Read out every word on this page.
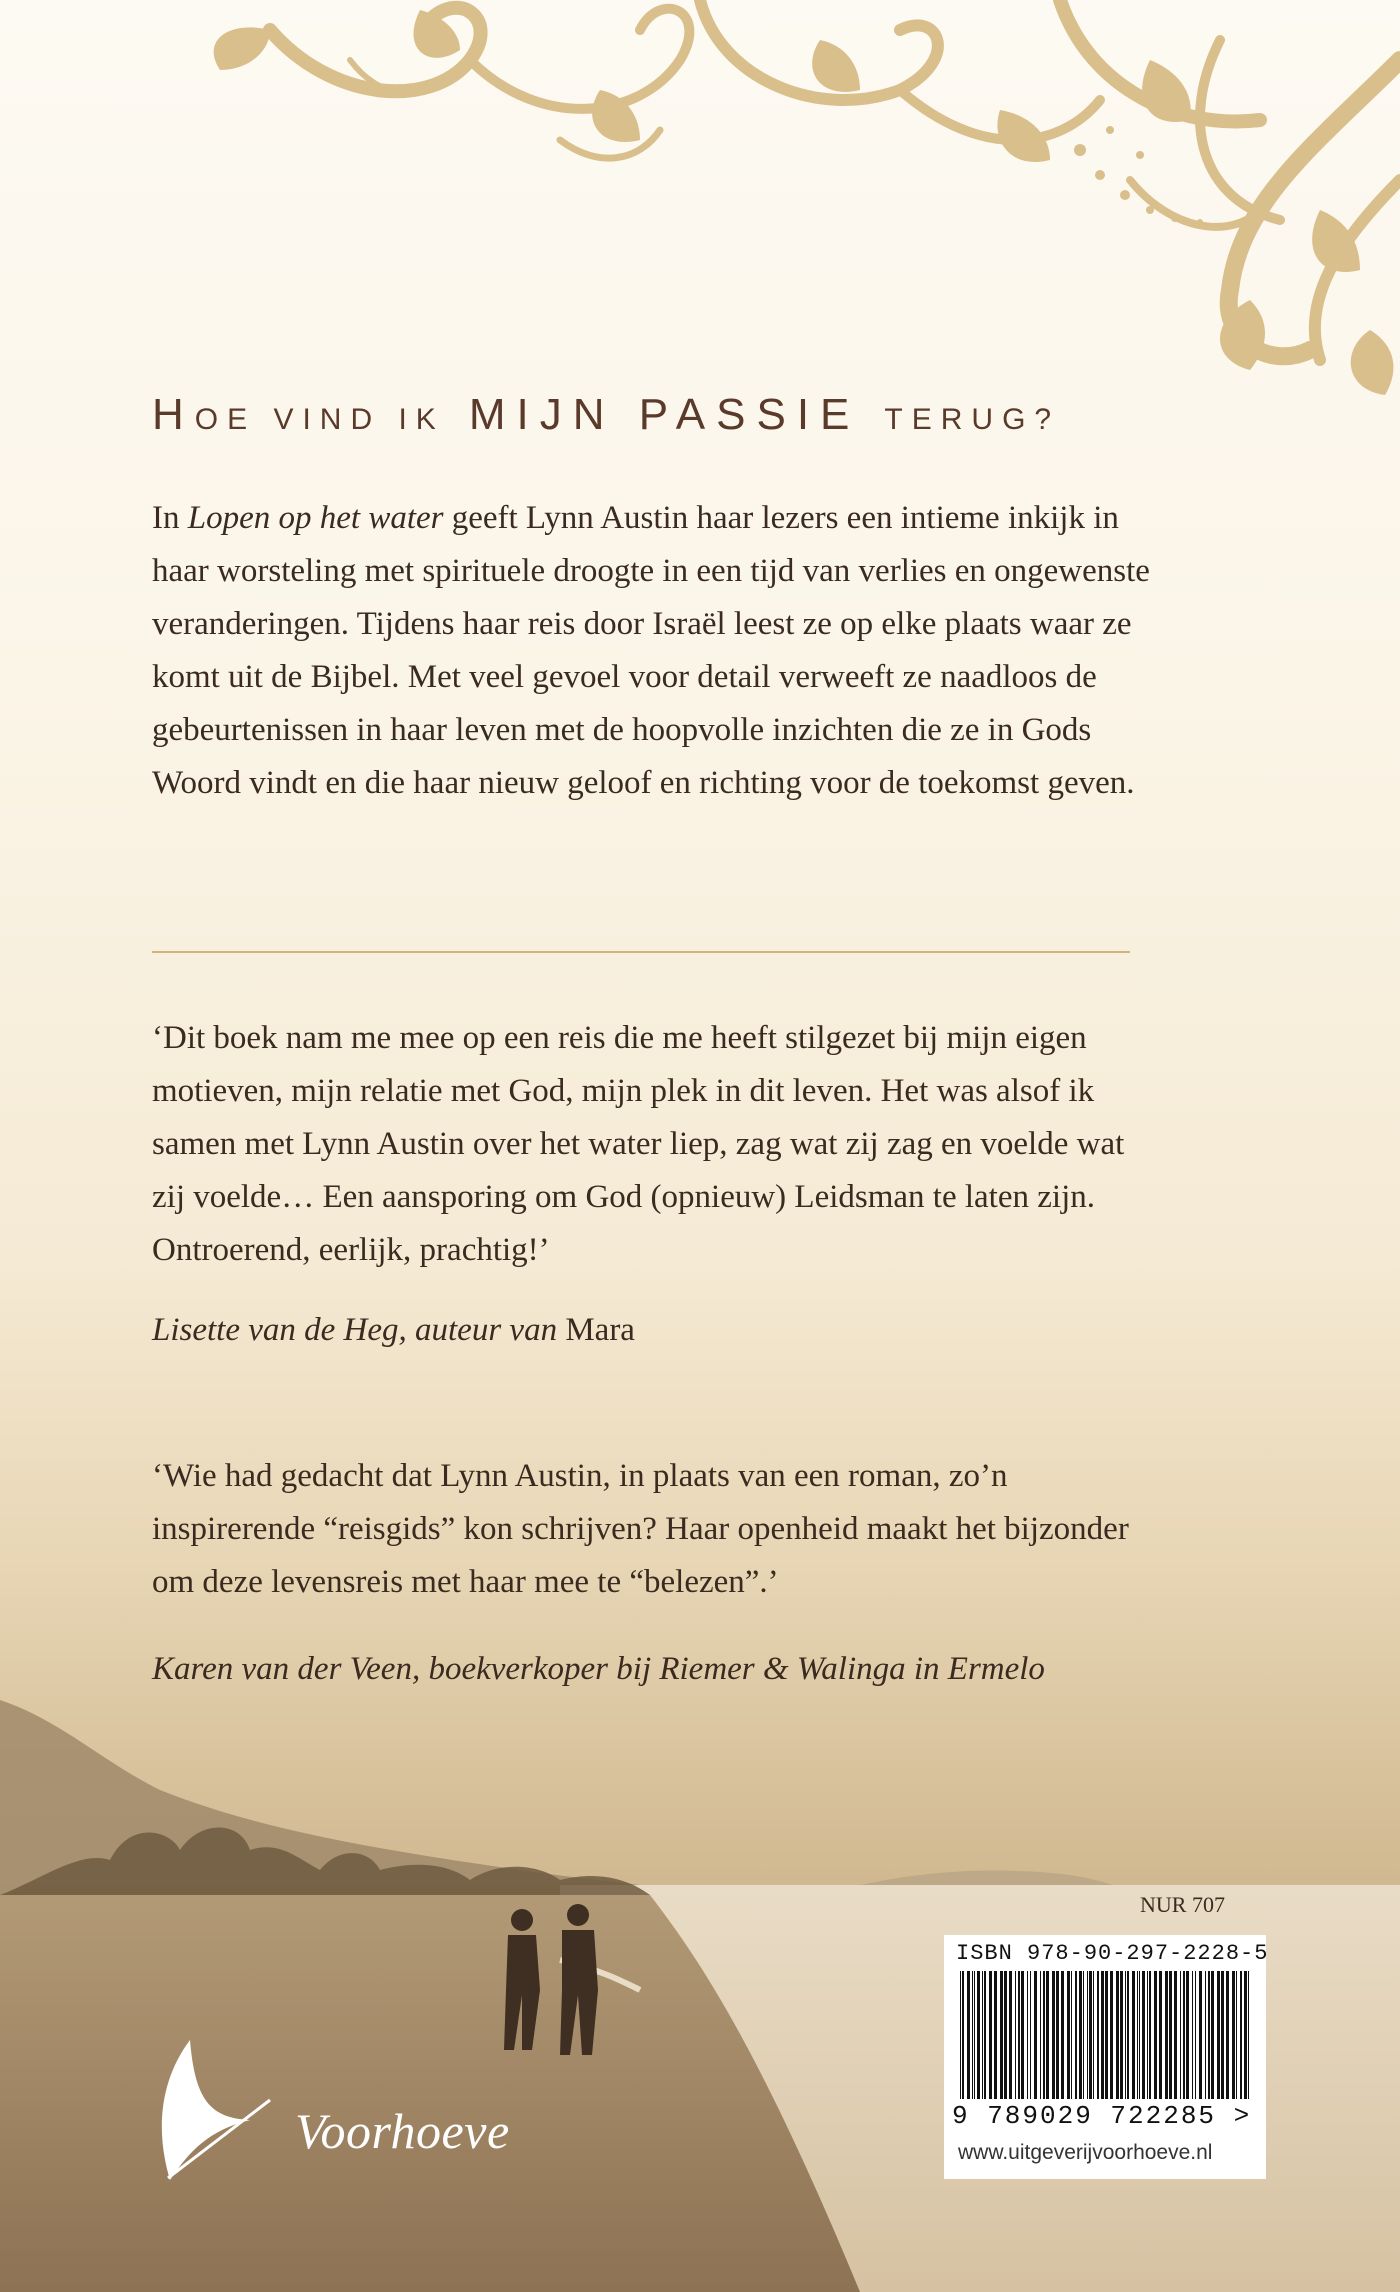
HOE VIND IK MIJN PASSIE TERUG?
In Lopen op het water geeft Lynn Austin haar lezers een intieme inkijk in haar worsteling met spirituele droogte in een tijd van verlies en ongewenste veranderingen. Tijdens haar reis door Israël leest ze op elke plaats waar ze komt uit de Bijbel. Met veel gevoel voor detail verweeft ze naadloos de gebeurtenissen in haar leven met de hoopvolle inzichten die ze in Gods Woord vindt en die haar nieuw geloof en richting voor de toekomst geven.
‘Dit boek nam me mee op een reis die me heeft stilgezet bij mijn eigen motieven, mijn relatie met God, mijn plek in dit leven. Het was alsof ik samen met Lynn Austin over het water liep, zag wat zij zag en voelde wat zij voelde… Een aansporing om God (opnieuw) Leidsman te laten zijn. Ontroerend, eerlijk, prachtig!’
Lisette van de Heg, auteur van Mara
‘Wie had gedacht dat Lynn Austin, in plaats van een roman, zo’n inspirerende “reisgids” kon schrijven? Haar openheid maakt het bijzonder om deze levensreis met haar mee te “belezen”.’
Karen van der Veen, boekverkoper bij Riemer & Walinga in Ermelo
NUR 707
ISBN 978-90-297-2228-5
9 789029 722285 >
www.uitgeverijvoorhoeve.nl
Voorhoeve
